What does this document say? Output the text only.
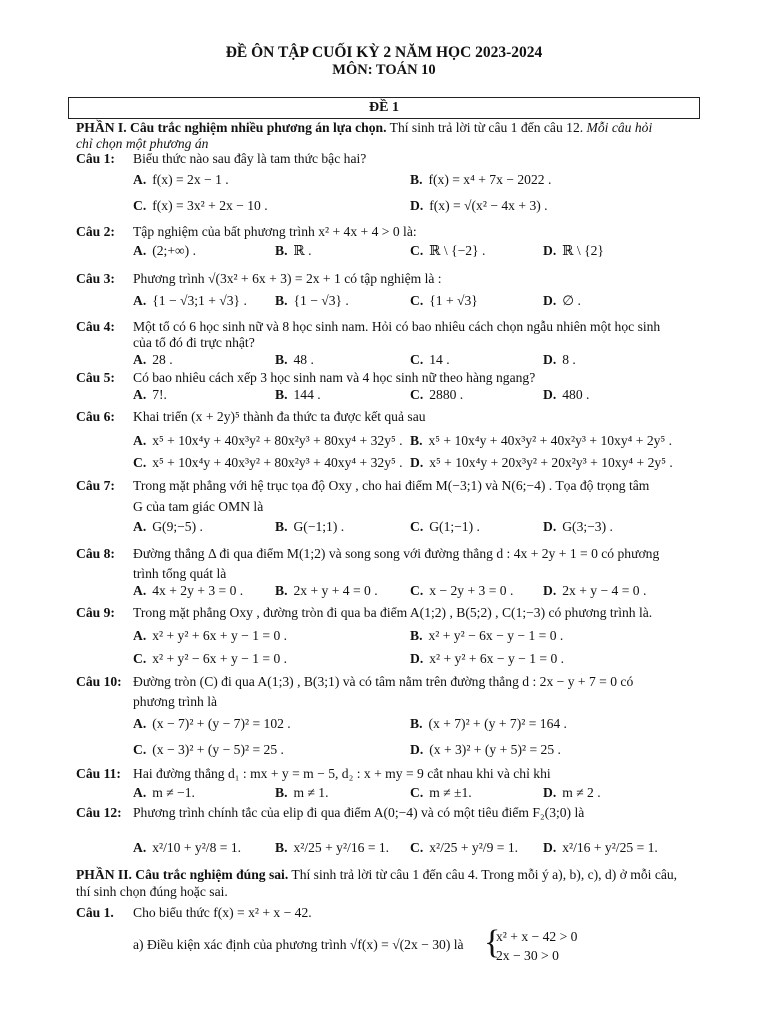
ĐỀ ÔN TẬP CUỐI KỲ 2 NĂM HỌC 2023-2024
MÔN: TOÁN 10
ĐỀ 1
PHẦN I. Câu trắc nghiệm nhiều phương án lựa chọn. Thí sinh trả lời từ câu 1 đến câu 12. Mỗi câu hỏi
chỉ chọn một phương án
Câu 1: Biểu thức nào sau đây là tam thức bậc hai?
A. f(x) = 2x − 1 .	B. f(x) = x⁴ + 7x − 2022 .
C. f(x) = 3x² + 2x − 10 .	D. f(x) = √(x² − 4x + 3) .
Câu 2: Tập nghiệm của bất phương trình x² + 4x + 4 > 0 là:
A. (2;+∞) .	B. ℝ .	C. ℝ \ {−2} .	D. ℝ \ {2}
Câu 3: Phương trình √(3x² + 6x + 3) = 2x + 1 có tập nghiệm là :
A. {1 − √3;1 + √3} . B. {1 − √3} .	C. {1 + √3}	D. ∅ .
Câu 4: Một tổ có 6 học sinh nữ và 8 học sinh nam. Hỏi có bao nhiêu cách chọn ngẫu nhiên một học sinh
của tổ đó đi trực nhật?
A. 28 .	B. 48 .	C. 14 .	D. 8 .
Câu 5: Có bao nhiêu cách xếp 3 học sinh nam và 4 học sinh nữ theo hàng ngang?
A. 7!.	B. 144 .	C. 2880 .	D. 480 .
Câu 6: Khai triển (x + 2y)⁵ thành đa thức ta được kết quả sau
A. x⁵ + 10x⁴y + 40x³y² + 80x²y³ + 80xy⁴ + 32y⁵ . B. x⁵ + 10x⁴y + 40x³y² + 40x²y³ + 10xy⁴ + 2y⁵ .
C. x⁵ + 10x⁴y + 40x³y² + 80x²y³ + 40xy⁴ + 32y⁵ . D. x⁵ + 10x⁴y + 20x³y² + 20x²y³ + 10xy⁴ + 2y⁵ .
Câu 7: Trong mặt phẳng với hệ trục tọa độ Oxy , cho hai điểm M(−3;1) và N(6;−4) . Tọa độ trọng tâm
G của tam giác OMN là
A. G(9;−5) .	B. G(−1;1) .	C. G(1;−1) .	D. G(3;−3) .
Câu 8: Đường thẳng Δ đi qua điểm M(1;2) và song song với đường thẳng d : 4x + 2y + 1 = 0 có phương
trình tổng quát là
A. 4x + 2y + 3 = 0 . B. 2x + y + 4 = 0 . C. x − 2y + 3 = 0 . D. 2x + y − 4 = 0 .
Câu 9: Trong mặt phẳng Oxy , đường tròn đi qua ba điểm A(1;2) , B(5;2) , C(1;−3) có phương trình là.
A. x² + y² + 6x + y − 1 = 0 .	B. x² + y² − 6x − y − 1 = 0 .
C. x² + y² − 6x + y − 1 = 0 .	D. x² + y² + 6x − y − 1 = 0 .
Câu 10: Đường tròn (C) đi qua A(1;3) , B(3;1) và có tâm nằm trên đường thẳng d : 2x − y + 7 = 0 có
phương trình là
A. (x − 7)² + (y − 7)² = 102 .	B. (x + 7)² + (y + 7)² = 164 .
C. (x − 3)² + (y − 5)² = 25 .	D. (x + 3)² + (y + 5)² = 25 .
Câu 11: Hai đường thẳng d₁ : mx + y = m − 5, d₂ : x + my = 9 cắt nhau khi và chỉ khi
A. m ≠ −1.	B. m ≠ 1.	C. m ≠ ±1.	D. m ≠ 2 .
Câu 12: Phương trình chính tắc của elip đi qua điểm A(0;−4) và có một tiêu điểm F₂(3;0) là
A. x²/10 + y²/8 = 1. B. x²/25 + y²/16 = 1. C. x²/25 + y²/9 = 1. D. x²/16 + y²/25 = 1.
PHẦN II. Câu trắc nghiệm đúng sai. Thí sinh trả lời từ câu 1 đến câu 4. Trong mỗi ý a), b), c), d) ở mỗi câu,
thí sinh chọn đúng hoặc sai.
Câu 1. Cho biểu thức f(x) = x² + x − 42.
a) Điều kiện xác định của phương trình √f(x) = √(2x − 30) là {
x² + x − 42 > 0
2x − 30 > 0
